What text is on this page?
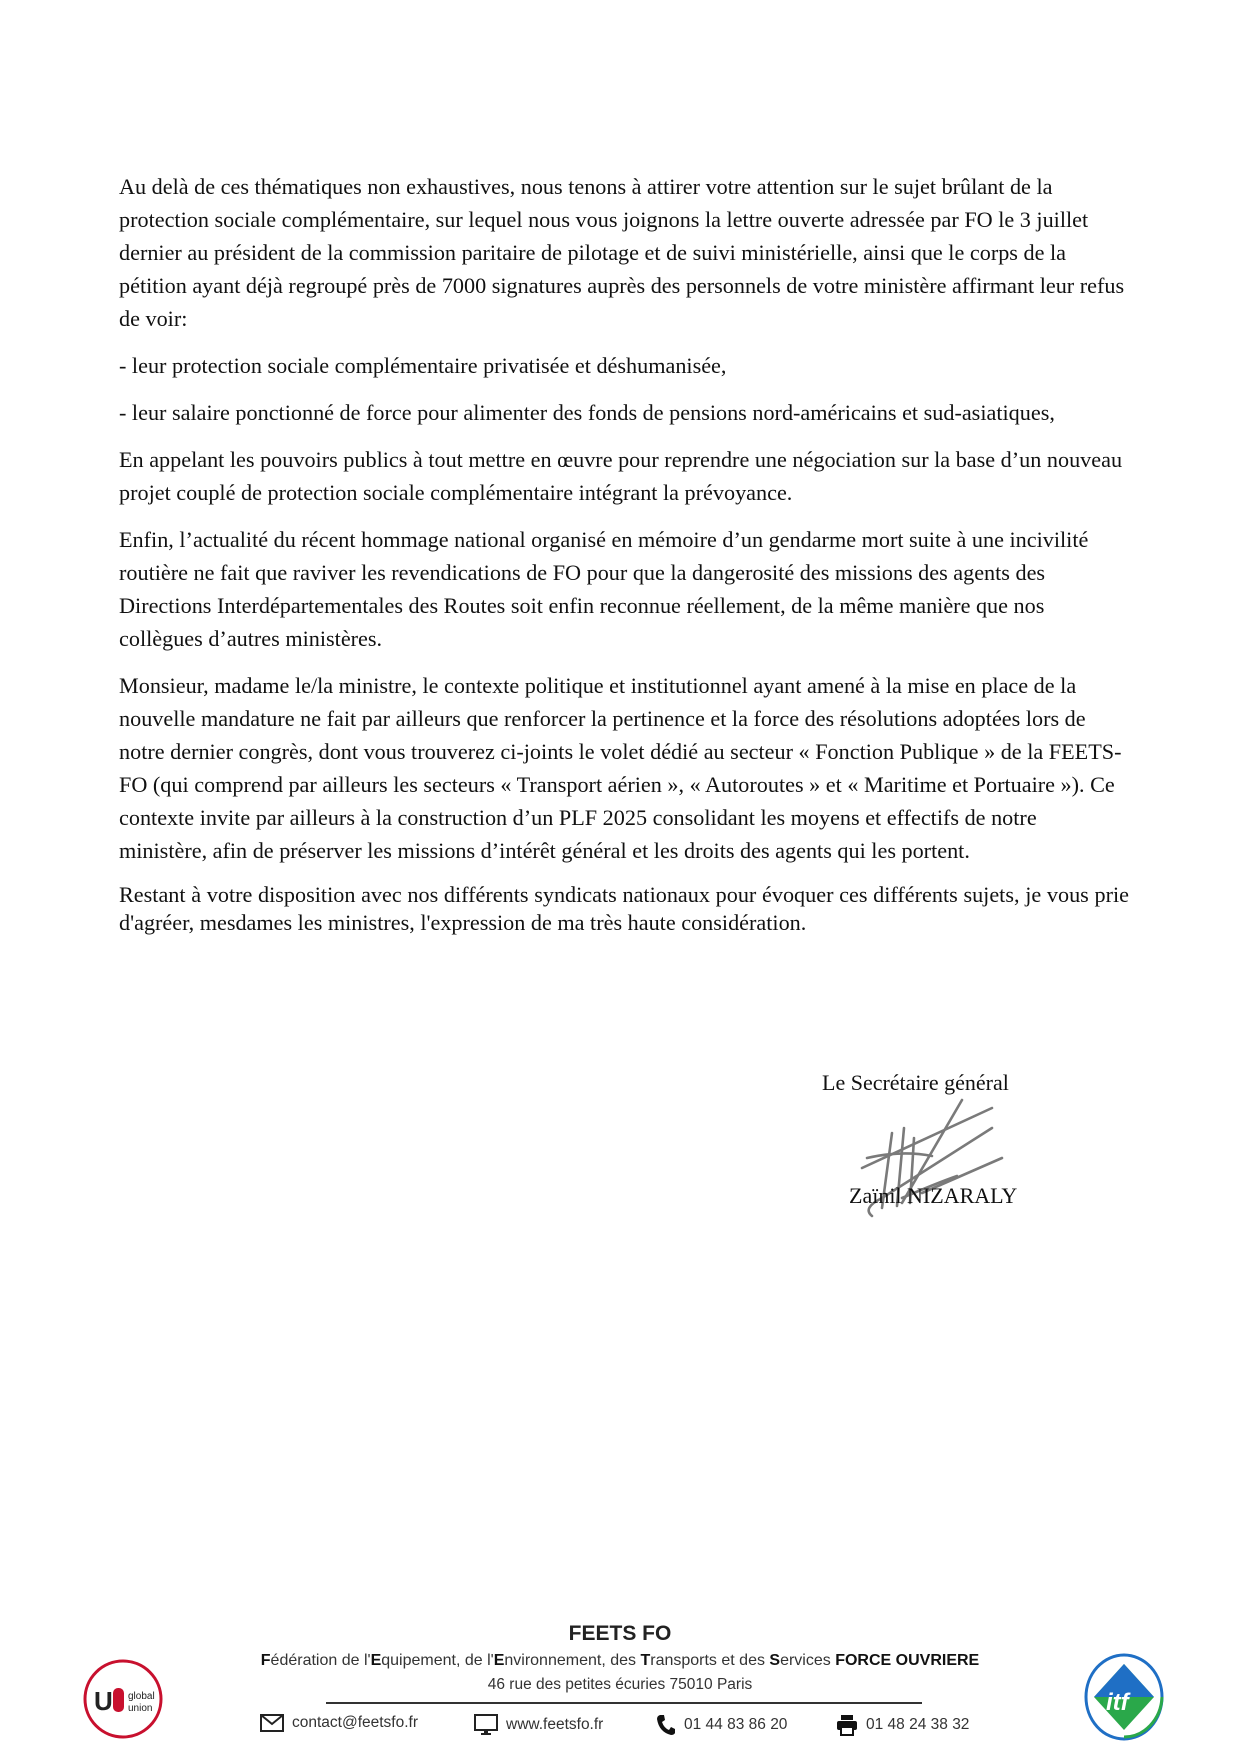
Au delà de ces thématiques non exhaustives, nous tenons à attirer votre attention sur le sujet brûlant de la protection sociale complémentaire, sur lequel nous vous joignons la lettre ouverte adressée par FO le 3 juillet dernier au président de la commission paritaire de pilotage et de suivi ministérielle, ainsi que le corps de la pétition ayant déjà regroupé près de 7000 signatures auprès des personnels de votre ministère affirmant leur refus de voir:

- leur protection sociale complémentaire privatisée et déshumanisée,

- leur salaire ponctionné de force pour alimenter des fonds de pensions nord-américains et sud-asiatiques,

En appelant les pouvoirs publics à tout mettre en œuvre pour reprendre une négociation sur la base d’un nouveau projet couplé de protection sociale complémentaire intégrant la prévoyance.

Enfin, l’actualité du récent hommage national organisé en mémoire d’un gendarme mort suite à une incivilité routière ne fait que raviver les revendications de FO pour que la dangerosité des missions des agents des Directions Interdépartementales des Routes soit enfin reconnue réellement, de la même manière que nos collègues d’autres ministères.

Monsieur, madame le/la ministre, le contexte politique et institutionnel ayant amené à la mise en place de la nouvelle mandature ne fait par ailleurs que renforcer la pertinence et la force des résolutions adoptées lors de notre dernier congrès, dont vous trouverez ci-joints le volet dédié au secteur « Fonction Publique » de la FEETS-FO (qui comprend par ailleurs les secteurs « Transport aérien », « Autoroutes » et « Maritime et Portuaire »). Ce contexte invite par ailleurs à la construction d’un PLF 2025 consolidant les moyens et effectifs de notre ministère, afin de préserver les missions d’intérêt général et les droits des agents qui les portent.

Restant à votre disposition avec nos différents syndicats nationaux pour évoquer ces différents sujets, je vous prie d'agréer, mesdames les ministres, l'expression de ma très haute considération.

Le Secrétaire général
Zaïnil NIZARALY
U global
union
FEETS FO
Fédération de l'Equipement, de l'Environnement, des Transports et des Services FORCE OUVRIERE
46 rue des petites écuries 75010 Paris
contact@feetsfo.fr	www.feetsfo.fr	01 44 83 86 20	01 48 24 38 32
itf
